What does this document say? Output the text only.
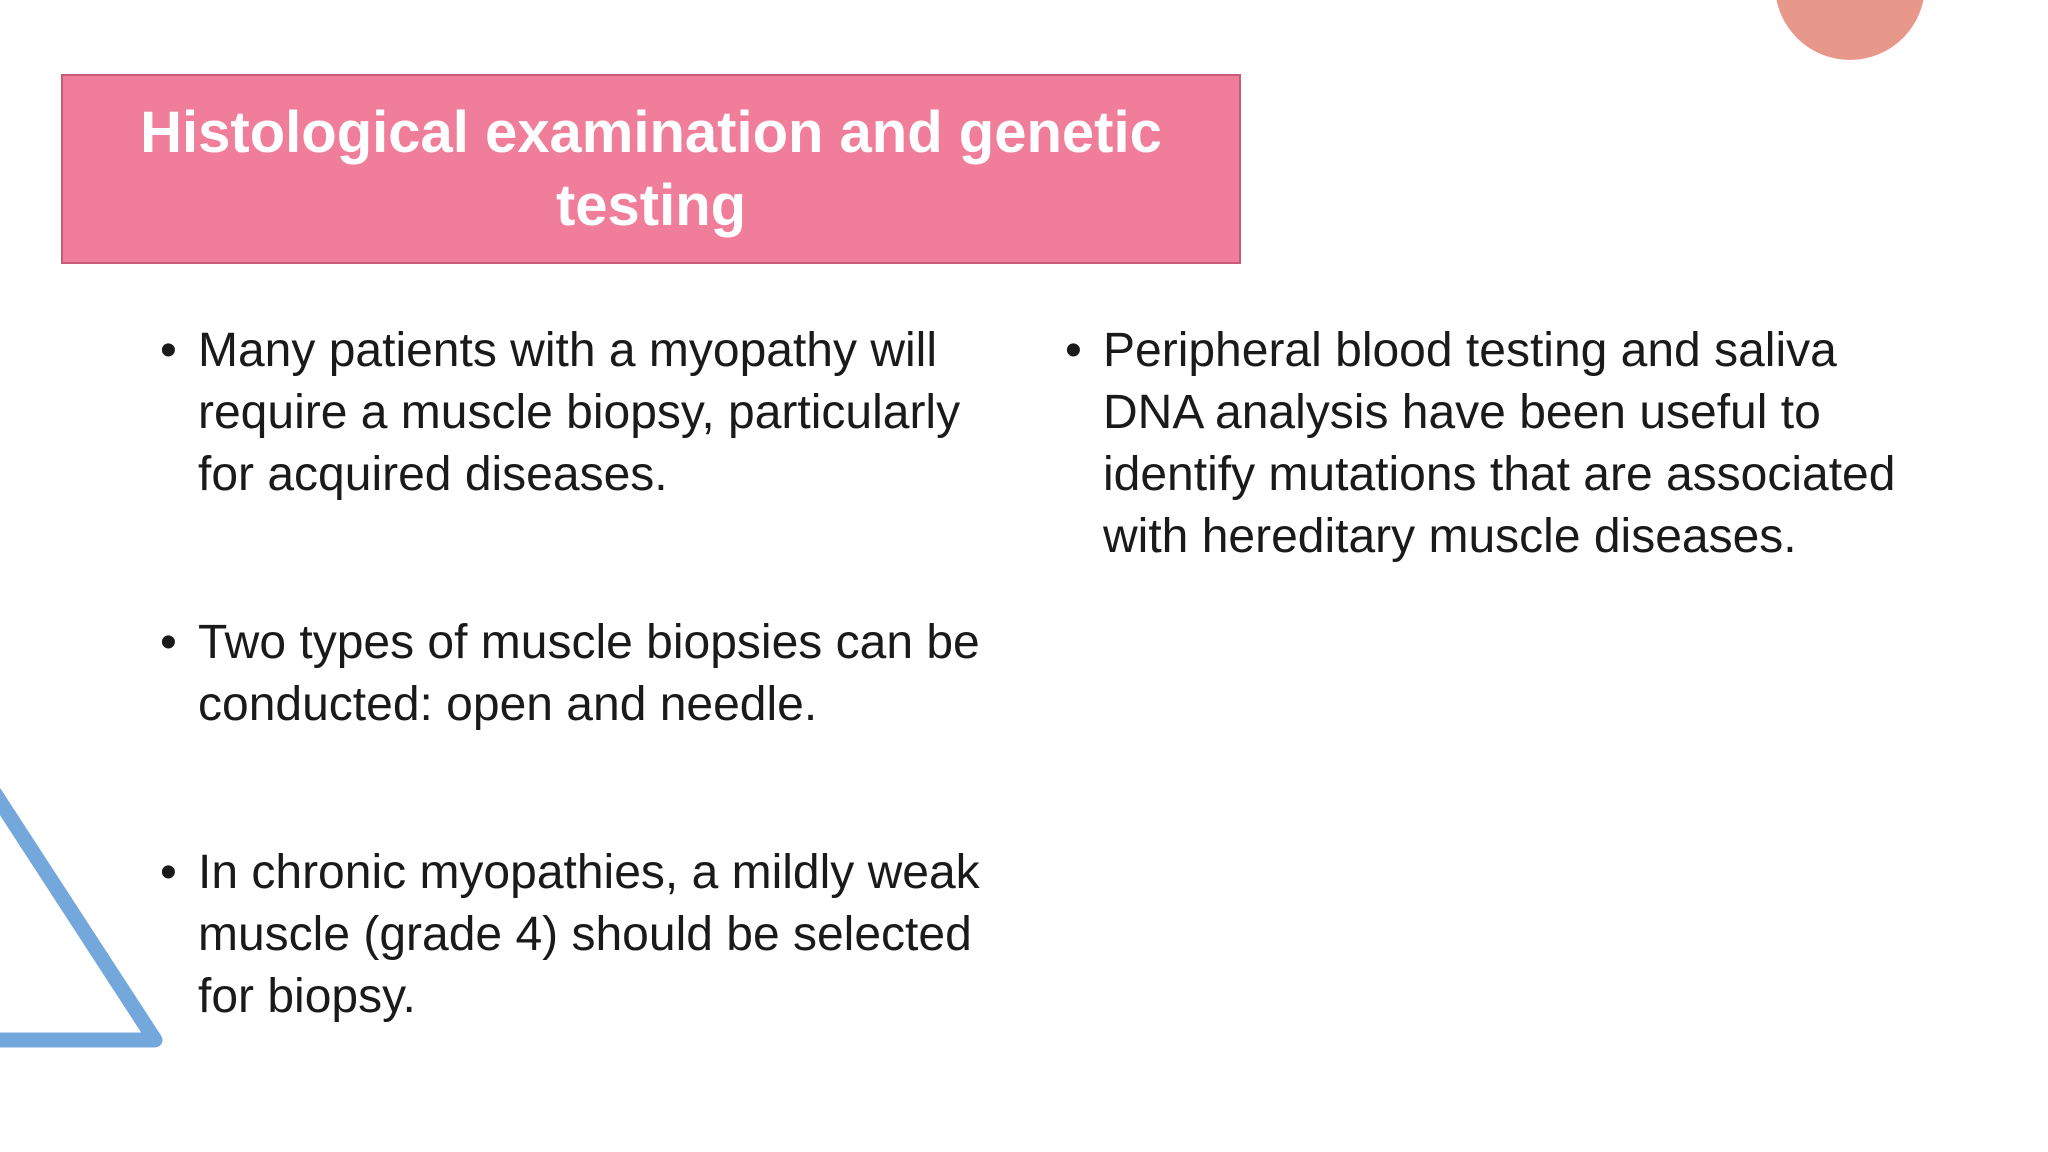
Histological examination and genetic testing
• Many patients with a myopathy will require a muscle biopsy, particularly for acquired diseases.
• Two types of muscle biopsies can be conducted: open and needle.
• In chronic myopathies, a mildly weak muscle (grade 4) should be selected for biopsy.
• Peripheral blood testing and saliva DNA analysis have been useful to identify mutations that are associated with hereditary muscle diseases.
